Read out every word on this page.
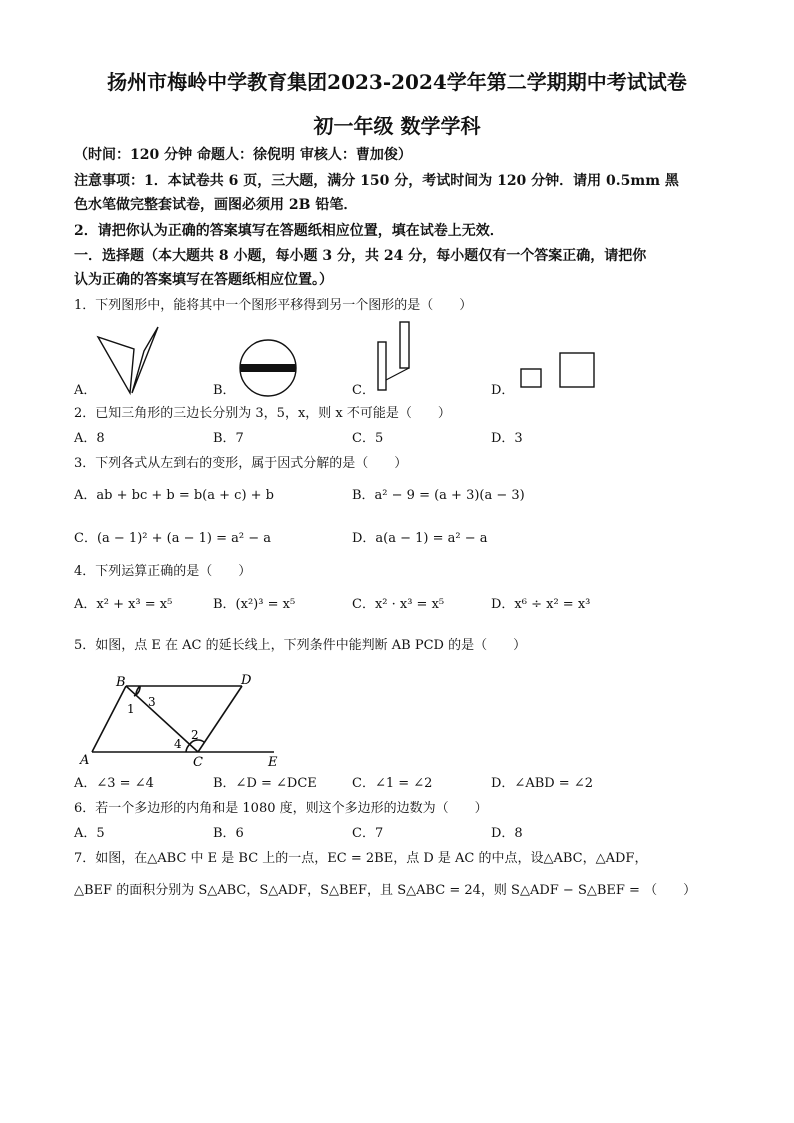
扬州市梅岭中学教育集团2023-2024学年第二学期期中考试试卷
初一年级 数学学科
（时间：120 分钟 命题人：徐倪明 审核人：曹加俊）
注意事项：1．本试卷共 6 页，三大题，满分 150 分，考试时间为 120 分钟．请用 0.5mm 黑
色水笔做完整套试卷，画图必须用 2B 铅笔．
2．请把你认为正确的答案填写在答题纸相应位置，填在试卷上无效．
一．选择题（本大题共 8 小题，每小题 3 分，共 24 分，每小题仅有一个答案正确，请把你
认为正确的答案填写在答题纸相应位置。）
1．下列图形中，能将其中一个图形平移得到另一个图形的是（　　）
A．	B．	C．	D．
2．已知三角形的三边长分别为 3，5，x，则 x 不可能是（　　）
A．8	B．7	C．5	D．3
3．下列各式从左到右的变形，属于因式分解的是（　　）
A．ab + bc + b = b(a + c) + b	B．a² − 9 = (a + 3)(a − 3)
C．(a − 1)² + (a − 1) = a² − a	D．a(a − 1) = a² − a
4．下列运算正确的是（　　）
A．x² + x³ = x⁵	B．(x²)³ = x⁵	C．x² · x³ = x⁵	D．x⁶ ÷ x² = x³
5．如图，点 E 在 AC 的延长线上，下列条件中能判断 AB PCD 的是（　　）
B	D
A	C	E
1
2
3
4
A．∠3 = ∠4	B．∠D = ∠DCE	C．∠1 = ∠2	D．∠ABD = ∠2
6．若一个多边形的内角和是 1080 度，则这个多边形的边数为（　　）
A．5	B．6	C．7	D．8
7．如图，在△ABC 中 E 是 BC 上的一点，EC = 2BE，点 D 是 AC 的中点，设△ABC，△ADF，
△BEF 的面积分别为 S△ABC，S△ADF，S△BEF，且 S△ABC = 24，则 S△ADF − S△BEF = （　　）
